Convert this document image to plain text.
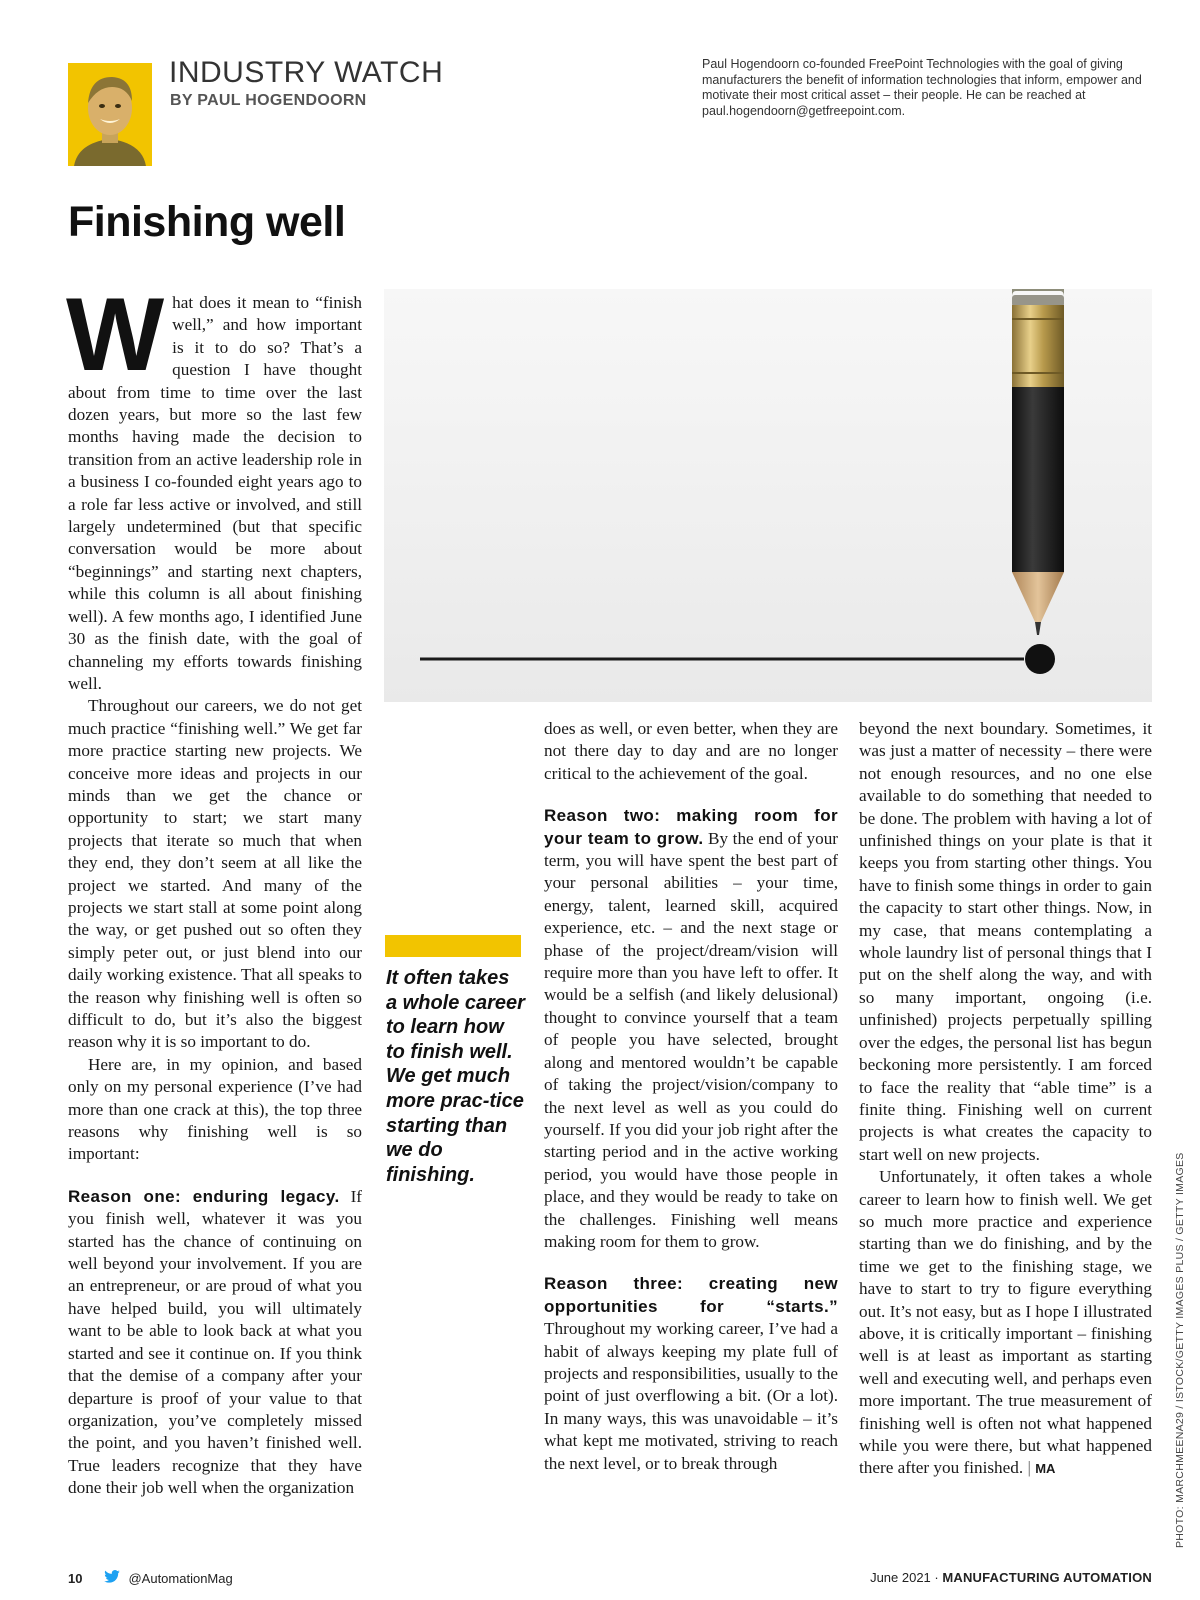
INDUSTRY WATCH
BY PAUL HOGENDOORN
Paul Hogendoorn co-founded FreePoint Technologies with the goal of giving manufacturers the benefit of information technologies that inform, empower and motivate their most critical asset – their people. He can be reached at paul.hogendoorn@getfreepoint.com.
Finishing well

What does it mean to “finish well,” and how important is it to do so? That’s a question I have thought about from time to time over the last dozen years, but more so the last few months having made the decision to transition from an active leadership role in a business I co-founded eight years ago to a role far less active or involved, and still largely undetermined (but that specific conversation would be more about “beginnings” and starting next chapters, while this column is all about finishing well). A few months ago, I identified June 30 as the finish date, with the goal of channeling my efforts towards finishing well.

Throughout our careers, we do not get much practice “finishing well.” We get far more practice starting new projects. We conceive more ideas and projects in our minds than we get the chance or opportunity to start; we start many projects that iterate so much that when they end, they don’t seem at all like the project we started. And many of the projects we start stall at some point along the way, or get pushed out so often they simply peter out, or just blend into our daily working existence. That all speaks to the reason why finishing well is often so difficult to do, but it’s also the biggest reason why it is so important to do.

Here are, in my opinion, and based only on my personal experience (I’ve had more than one crack at this), the top three reasons why finishing well is so important:

Reason one: enduring legacy. If you finish well, whatever it was you started has the chance of continuing on well beyond your involvement. If you are an entrepreneur, or are proud of what you have helped build, you will ultimately want to be able to look back at what you started and see it continue on. If you think that the demise of a company after your departure is proof of your value to that organization, you’ve completely missed the point, and you haven’t finished well. True leaders recognize that they have done their job well when the organization

It often takes a whole career to learn how to finish well. We get much more prac-tice starting than we do finishing.

does as well, or even better, when they are not there day to day and are no longer critical to the achievement of the goal.

Reason two: making room for your team to grow. By the end of your term, you will have spent the best part of your personal abilities – your time, energy, talent, learned skill, acquired experience, etc. – and the next stage or phase of the project/dream/vision will require more than you have left to offer. It would be a selfish (and likely delusional) thought to convince yourself that a team of people you have selected, brought along and mentored wouldn’t be capable of taking the project/vision/company to the next level as well as you could do yourself. If you did your job right after the starting period and in the active working period, you would have those people in place, and they would be ready to take on the challenges. Finishing well means making room for them to grow.

Reason three: creating new opportunities for “starts.” Throughout my working career, I’ve had a habit of always keeping my plate full of projects and responsibilities, usually to the point of just overflowing a bit. (Or a lot). In many ways, this was unavoidable – it’s what kept me motivated, striving to reach the next level, or to break through

beyond the next boundary. Sometimes, it was just a matter of necessity – there were not enough resources, and no one else available to do something that needed to be done. The problem with having a lot of unfinished things on your plate is that it keeps you from starting other things. You have to finish some things in order to gain the capacity to start other things. Now, in my case, that means contemplating a whole laundry list of personal things that I put on the shelf along the way, and with so many important, ongoing (i.e. unfinished) projects perpetually spilling over the edges, the personal list has begun beckoning more persistently. I am forced to face the reality that “able time” is a finite thing. Finishing well on current projects is what creates the capacity to start well on new projects.

Unfortunately, it often takes a whole career to learn how to finish well. We get so much more practice and experience starting than we do finishing, and by the time we get to the finishing stage, we have to start to try to figure everything out. It’s not easy, but as I hope I illustrated above, it is critically important – finishing well is at least as important as starting well and executing well, and perhaps even more important. The true measurement of finishing well is often not what happened while you were there, but what happened there after you finished. | MA	PHOTO: MARCHMEENA29 / ISTOCK/GETTY IMAGES PLUS / GETTY IMAGES
10	@AutomationMag	June 2021 · MANUFACTURING AUTOMATION
